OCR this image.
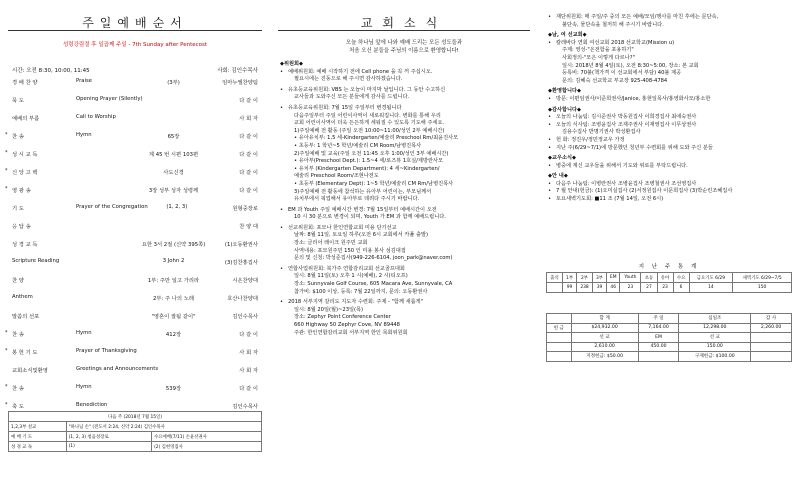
주일예배순서
성령강림절 후 일곱째 주일 - 7th Sunday after Pentecost
시간: 오전 8:30, 10:00, 11:45	사회: 김인수목사
경 배 찬 양	Praise	(3부)	임마누엘찬양팀
묵 도	Opening Prayer (Silently)	다 같 이
예배의 부름	Call to Worship	사 회 자
* 찬 송	Hymn	65장	다 같 이
* 성 시 교 독	제 45 번 시편 103편	다 같 이
* 신 앙 고 백	사도신경	다 같 이
* 영 광 송	3장 성부 성자 성령께	다 같 이
기 도	Prayer of the Congregation	(1, 2, 3)	원형중장로
응 답 송	찬 양 대
성 경 교 독	요한 3서 2절 (신약 395쪽)	(1)오동환권사
Scripture Reading	3 John 2	(3)김찬홍집사
찬 양	1부: 주만 일고 가리라	시온찬양대
Anthem	2부: 주 나의 노래	호산나찬양대
말씀의 선포	"영혼이 잘됨 같이"	김인수목사
* 찬 송	Hymn	412장	다 같 이
* 봉 헌 기 도	Prayer of Thanksgiving	사 회 자
교회소식및환영	Greetings and Announcements	사 회 자
* 찬 송	Hymn	539장	다 같 이
* 축 도	Benediction	김인수목사
다음 주 (2018년 7월 15일)		
1,2,3부 설교	"하나님 손" (전도서 2:24, 신약 2:24) 김인수목사	
예 배 기 도	(1, 2, 3) 청음성장로	수요예배(7/11) 손윤선권사
성 경 교 독	(1)	(2) 김현영집사
교회소식
오늘 하나님 앞에 나와 예배 드리는 모든 성도들과
처음 오신 분들을 주님의 이름으로 환영합니다!
◆위원회◆
• 예배위원회: 예배 시작하기 전에 Cell phone 을 꼭 꺼 주십시오.
필요시에는 진동으로 해 주시면 감사하겠습니다.
• 유초등교육위원회: VBS 는 오늘이 마지막 날입니다. 그 동안 수고하신
교사들과 도와주신 모든 분들에게 감사를 드립니다.
• 유초등교육위원회: 7월 15일 주일부터 변경됩니다
다음주일부터 주일 어린이사역이 새로워집니다. 변화를 통해 우리
교회 어린이사역이 더욱 든든하게 세워질 수 있도록 기도해 주세요.
1)주일예배 전 활동 (주일 오전 10:00~11:00/성인 2부 예배시간)
• 유아유치부: 1,5 세-Kindergarten/예술리 Preschool Rm/최윤진사모
• 초등부: 1 학년~5 학년/예술리 CM Room/남병진목사
2)주일예배 및 교육(주일 오전 11:45 오후 1:00/성인 3부 예배시간)
• 유아부(Preschool Dept.): 1.5~4 세/로즈뷰 1호실/제방란사모
• 유치부 (Kindergarten Department): 4 세~Kindergarten/
예술리 Preschool Room/조현나전도
• 초등부 (Elementary Dept): 1~5 학년/예술리 CM Rm/남병진목사
3)주일예배 전 활동에 참석하는 유아부 어린이는, 부모님께서
유치부에서 픽업해서 유아부로 데려다 주시기 바랍니다.
• EM 과 Youth 주일 예배시간 변경: 7월 15일부터 예배시간이 오전
10 시 30 분으로 변경이 되며, Youth 가 EM 과 함께 예배드립니다.
• 선교위원회: 포모나 한인연합교회 미용 단기선교
날짜: 8월 11일, 토요일 하루(오전 6시 교회에서 카풀 출발)
장소: 글리어 레이크 원주민 교회
사역내용: 포모원주민 150 인 미용 봉사 섬김대접
문의 및 신청: 박성준집사(949-226-6104, joon_park@naver.com)
• 연합사업위원회: 북가주 연합감리교회 선교골프대회
일시: 8월 11일(토) 오후 1 시(예배), 2 시(티오프)
장소: Sunnyvale Golf Course, 605 Macara Ave, Sunnyvale, CA
참가비: $100 이상, 등록: 7월 22일까지, 문의: 오동환권사
• 2018 서부지역 갈리도 지도자 수련회: 주제 - "함께 새롭게"
일시: 8월 20일(월)~23일(목)
장소: Zephyr Point Conference Center
660 Highway 50 Zephyr Cove, NV 89448
주관: 한인연합감리교회 서부지역 한인 목회위원회
• 재단위원회: 매 주일/주 중의 모든 예배/모임/행사를 마친 후에는 문단속,
불단속, 물단속을 철저히 해 주시기 바랍니다.
◆남, 여 선교회◆
• 칼레바다 연회 여선교회 2018 선교학교(Mission u)
주제: 영성-"온전함을 포용하기"
사회정의-"모은 이렇게 다르나?"
일시: 2018년 8월 4일(토), 오전 8:30~5:00, 장소: 본 교회
등록비: 70불(책가격 이 선교회에서 부담) 40불 제공
문의: 김혜숙 선교학교 부교장 925-408-4784
◆환영합니다◆
• 방문: 이편임권사/이준희권사/Janice, 홍현일목사/홍영화사모/홍소한
◆감사합니다◆
• 오늘의 나눔팀: 김시준권사 박동원집사 이희경집사 최애숙권사
• 오늘의 식사팀: 조병윤집사 조재주권사 이재영집사 이무상권사
김용수집사 반명기권사 박성환집사
• 헌 화: 정진우/정민정교우 가정
• 지난 주(6/29~7/1)에 방문했던 청년부 수련회를 위해 도와 주신 분들
◆교우소식◆
• 병중에 계신 교우들을 위해서 기도와 위로를 부탁드립니다.
◆안 내◆
• 다음주 나눔팀: 이병란권사 조병윤집사 조병철권사 조선영집사
• 7 월 안내(헌금): (1)오미실집사 (2)서정원집사 이문희집사 (3)박순린조혜집사
• 토요새벽기도회: ■11 조 (7월 14일, 오전 6시)
지 난 주 통 계
출석	1부	2부	3부	EM	Youth	초등	유아	수요	금요기도 6/29	새벽기도 6/29~7/5
	99	238	39	46	23	27	23	6	14	150
	합 계	주 일	십일조	감 사
헌 금	$24,932.00	7,164.00	12,298.00	2,260.00
	선 교	EM	선 교	
	2,610.00	450.00	150.00	
	지정헌금: $50.00		구제헌금: $100.00	
